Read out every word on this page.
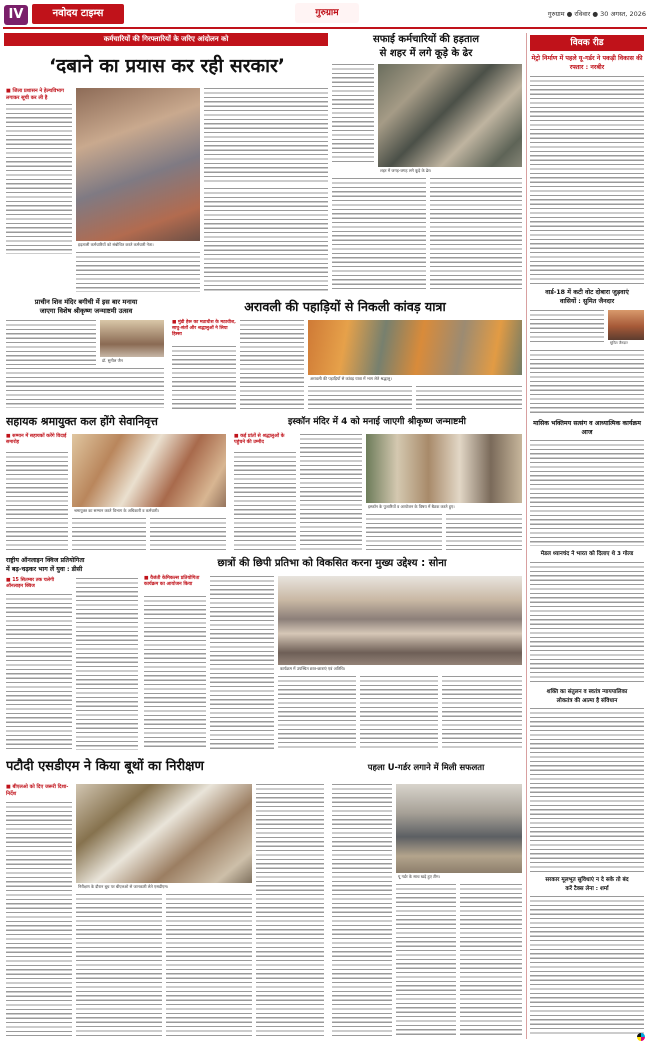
IV	नवोदय टाइम्स	गुरुग्राम	गुरुग्राम ● रविवार ● 30 अगस्त, 2026
कर्मचारियों की गिरफ्तारियों के जरिए आंदोलन को
‘दबाने का प्रयास कर रही सरकार’
■ जिला प्रशासन ने हेल्थविभाग लगाकर सूची कर ली है
हड़ताली कर्मचारियों को संबोधित करते कर्मचारी नेता।
सफाई कर्मचारियों की हड़ताल
से शहर में लगे कूड़े के ढेर
शहर में जगह-जगह लगे कूड़े के ढेर।
प्राचीन शिव मंदिर बगीची में इस बार मनाया
जाएगा विशेष श्रीकृष्ण जन्माष्टमी उत्सव
डॉ. सुनील जैन
अरावली की पहाड़ियों से निकली कांवड़ यात्रा
■ मुंडी हेरू का मठाधीश के मठाधीश, साधु-संतों और श्रद्धालुओं ने लिया हिस्सा
अरावली की पहाड़ियों से कांवड़ यात्रा में भाग लेते श्रद्धालु।
सहायक श्रमायुक्त कल होंगे सेवानिवृत्त
■ सम्मान में सहायकों करेंगे विदाई समारोह
श्रमायुक्त का सम्मान करते विभाग के अधिकारी व कर्मचारी।
इस्कॉन मंदिर में 4 को मनाई जाएगी श्रीकृष्ण जन्माष्टमी
■ कई प्रांतों से श्रद्धालुओं के पहुंचने की उम्मीद
इस्कॉन के पुजारियों व आयोजन के विषय में बैठक करते हुए।
राष्ट्रीय ऑनलाइन क्विज प्रतियोगिता
में बढ़-चढ़कर भाग लें युवा : डीसी
■ 15 सितम्बर तक चलेगी ऑनलाइन क्विज
छात्रों की छिपी प्रतिभा को विकसित करना मुख्य उद्देश्य : सोना
■ वैजंती केमिकल्स प्रतियोगिता कार्यक्रम का आयोजन किया
कार्यक्रम में उपस्थित छात्र-छात्राएं एवं अतिथि।
पटौदी एसडीएम ने किया बूथों का निरीक्षण
■ बीएलओ को दिए जरूरी दिशा-निर्देश
निरीक्षण के दौरान बूथ पर बीएलओ से जानकारी लेते एसडीएम।
पहला U-गर्डर लगाने में मिली सफलता
यू गर्डर के साथ खड़े हुए टीम।
विवक रीड
मेट्रो निर्माण में पहले यू-गर्डर ने पकड़ी विकास की रफ्तार : नरबीर
वार्ड-18 में कटी वोट दोबारा जुड़वाएं
वासियों : सुमित जैनदार
सुमित जैनदार
मासिक भक्तिमय सत्संग व आध्यात्मिक कार्यक्रम आज
मेडल ध्यानचंद ने भारत को दिलाए थे 3 गोल्ड
शक्ति का संतुलन व स्वतंत्र न्यायपालिका
लोकतंत्र की आत्मा है संविधान
सरकार मूलभूत सुविधाएं न दे सके तो बंद
करें टैक्स लेना : शर्मा
